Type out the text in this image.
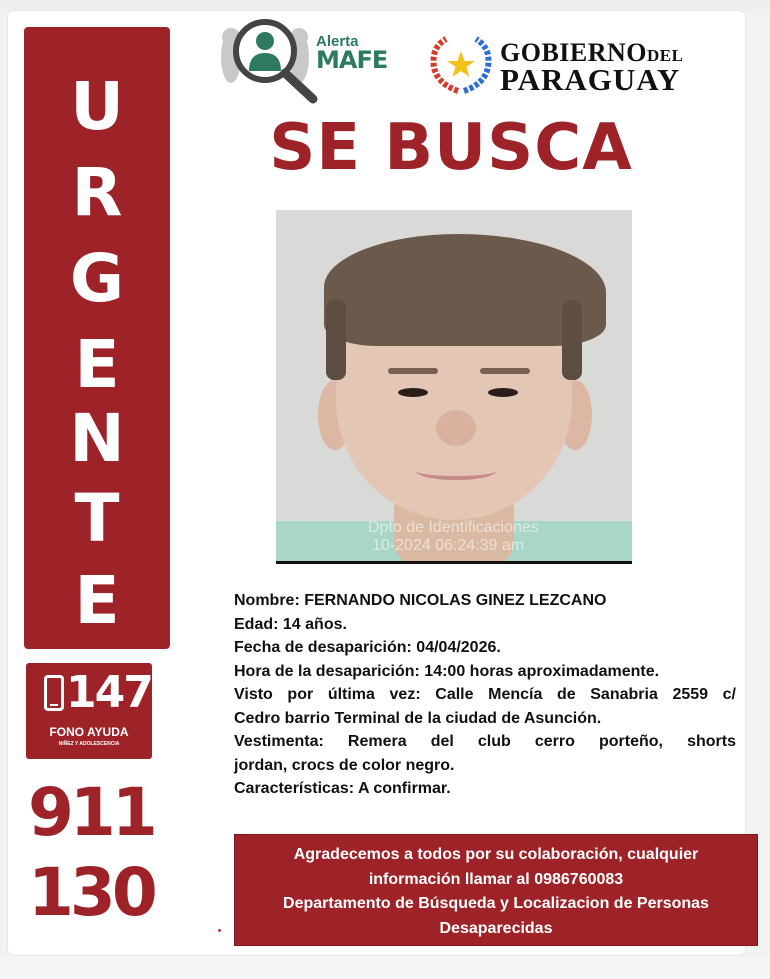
U
R
G
E
N
T
E
147
FONO AYUDA
NIÑEZ Y ADOLESCENCIA
911
130
Alerta
MAFE	GOBIERNODEL
PARAGUAY
SE BUSCA
Dpto de Identificaciones
10-2024 06:24:39 am

Nombre: FERNANDO NICOLAS GINEZ LEZCANO

Edad: 14 años.

Fecha de desaparición: 04/04/2026.

Hora de la desaparición: 14:00 horas aproximadamente.

Visto por última vez: Calle Mencía de Sanabria 2559 c/

Cedro barrio Terminal de la ciudad de Asunción.

Vestimenta: Remera del club cerro porteño, shorts

jordan, crocs de color negro.

Características: A confirmar.

Agradecemos a todos por su colaboración, cualquier
información llamar al 0986760083
Departamento de Búsqueda y Localizacion de Personas
Desaparecidas
